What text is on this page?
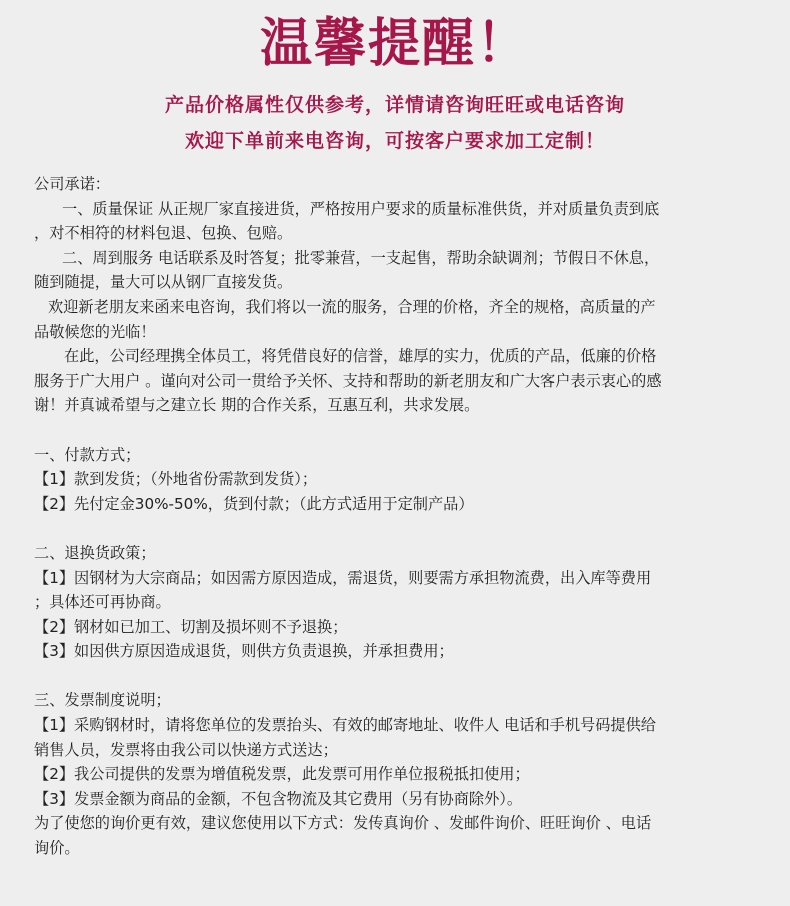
温馨提醒！
产品价格属性仅供参考，详情请咨询旺旺或电话咨询
欢迎下单前来电咨询，可按客户要求加工定制！

公司承诺：

一、质量保证 从正规厂家直接进货，严格按用户要求的质量标准供货，并对质量负责到底

，对不相符的材料包退、包换、包赔。

二、周到服务 电话联系及时答复；批零兼营，一支起售，帮助余缺调剂；节假日不休息，

随到随提，量大可以从钢厂直接发货。

欢迎新老朋友来函来电咨询，我们将以一流的服务，合理的价格，齐全的规格，高质量的产

品敬候您的光临！

在此，公司经理携全体员工，将凭借良好的信誉，雄厚的实力，优质的产品，低廉的价格

服务于广大用户 。谨向对公司一贯给予关怀、支持和帮助的新老朋友和广大客户表示衷心的感

谢！并真诚希望与之建立长 期的合作关系，互惠互利，共求发展。

一、付款方式；

【1】款到发货；（外地省份需款到发货）；

【2】先付定金30%-50%，货到付款；（此方式适用于定制产品）

二、退换货政策；

【1】因钢材为大宗商品；如因需方原因造成，需退货，则要需方承担物流费，出入库等费用

；具体还可再协商。

【2】钢材如已加工、切割及损坏则不予退换；

【3】如因供方原因造成退货，则供方负责退换，并承担费用；

三、发票制度说明；

【1】采购钢材时，请将您单位的发票抬头、有效的邮寄地址、收件人 电话和手机号码提供给

销售人员，发票将由我公司以快递方式送达；

【2】我公司提供的发票为增值税发票，此发票可用作单位报税抵扣使用；

【3】发票金额为商品的金额，不包含物流及其它费用（另有协商除外）。

为了使您的询价更有效，建议您使用以下方式：发传真询价 、发邮件询价、旺旺询价 、电话

询价。
